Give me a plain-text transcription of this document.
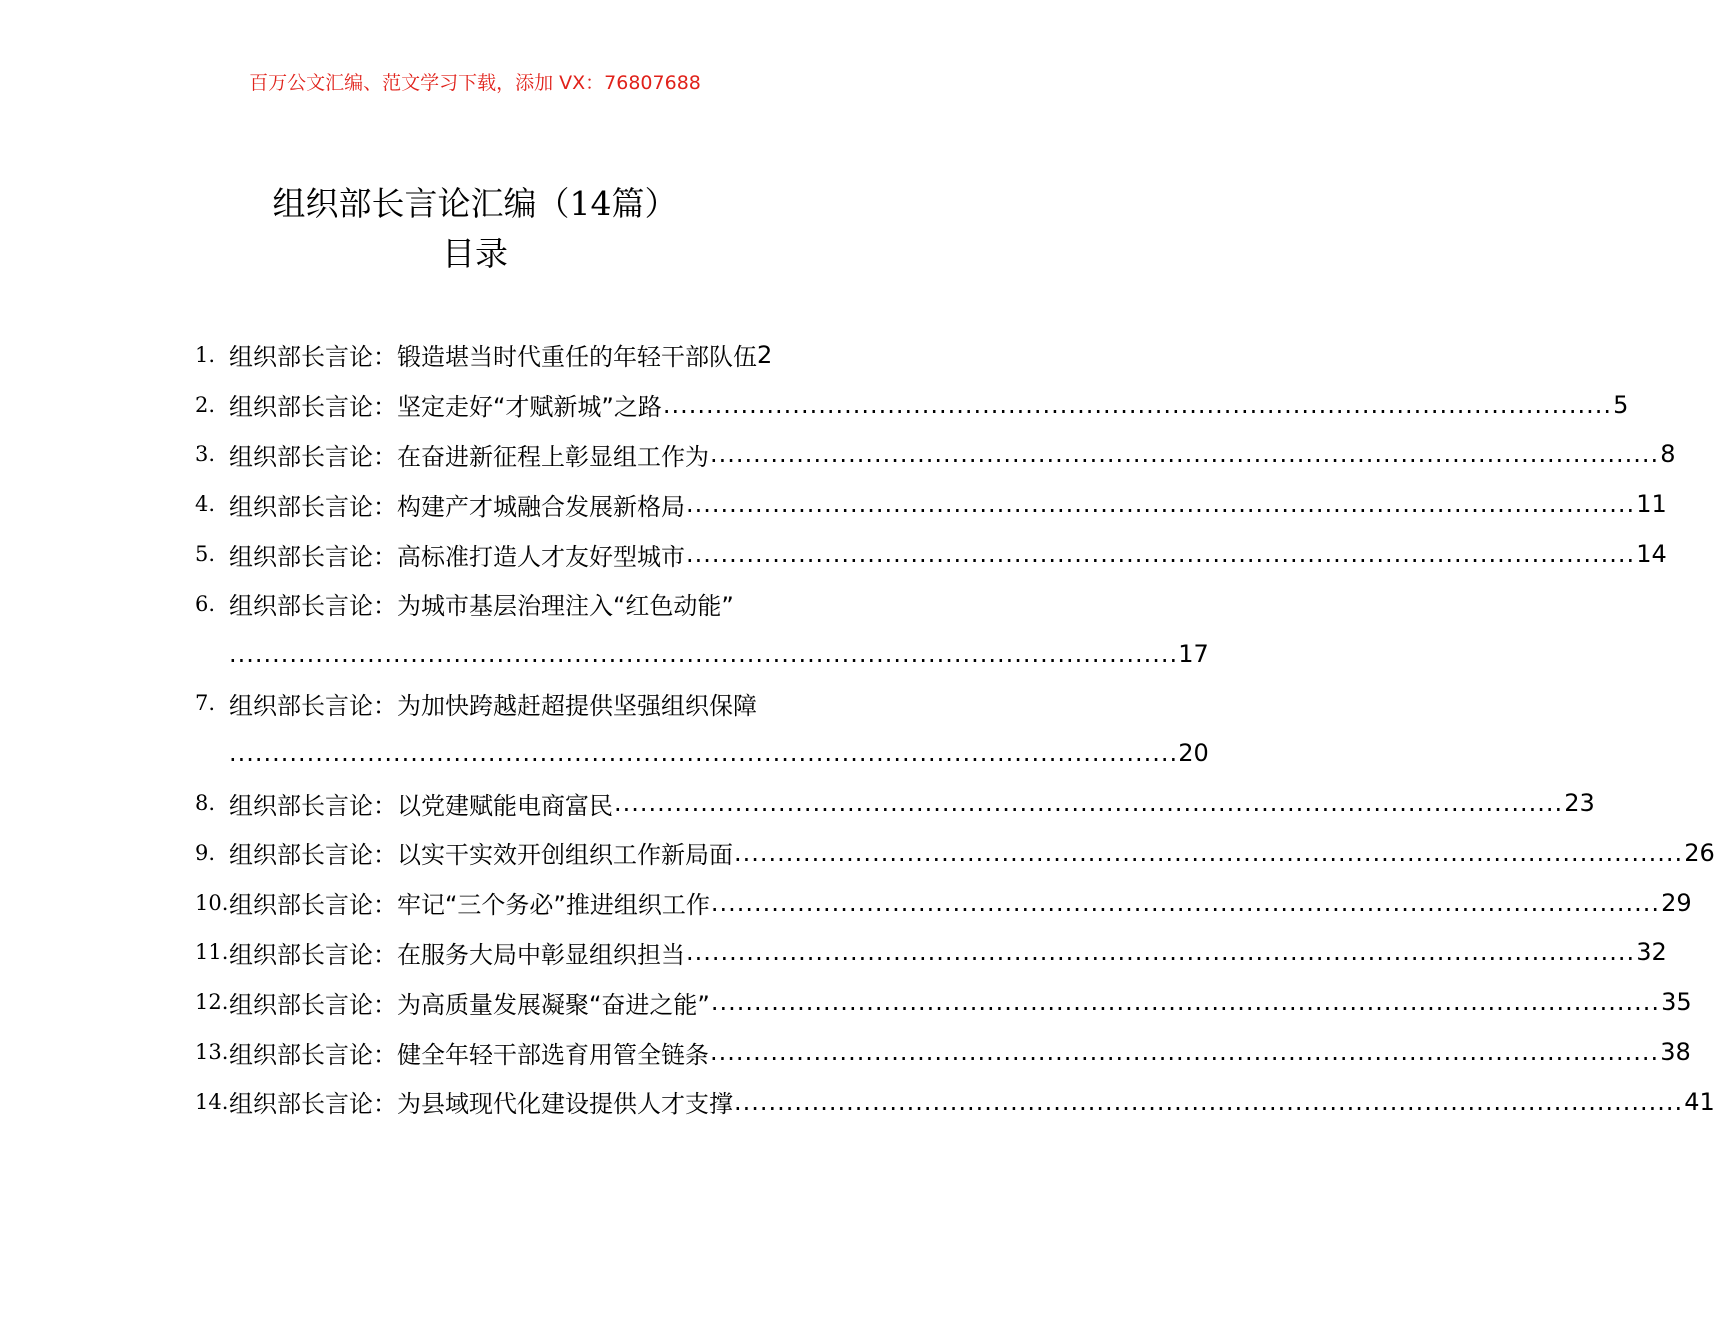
百万公文汇编、范文学习下载，添加 VX：76807688
组织部长言论汇编（14篇）
目录
1. 组织部长言论：锻造堪当时代重任的年轻干部队伍 2
2. 组织部长言论：坚定走好“才赋新城”之路 .....	5
3. 组织部长言论：在奋进新征程上彰显组工作为 .....	8
4. 组织部长言论：构建产才城融合发展新格局 .....	11
5. 组织部长言论：高标准打造人才友好型城市 .....	14
6. 组织部长言论：为城市基层治理注入“红色动能”
.............................................................................................................. 17
7. 组织部长言论：为加快跨越赶超提供坚强组织保障
.............................................................................................................. 20
8. 组织部长言论：以党建赋能电商富民 .....	23
9. 组织部长言论：以实干实效开创组织工作新局面 .....	26
10. 组织部长言论：牢记“三个务必”推进组织工作 .....	29
11. 组织部长言论：在服务大局中彰显组织担当 .....	32
12. 组织部长言论：为高质量发展凝聚“奋进之能” .....	35
13. 组织部长言论：健全年轻干部选育用管全链条 .....	38
14. 组织部长言论：为县域现代化建设提供人才支撑 .....	41
